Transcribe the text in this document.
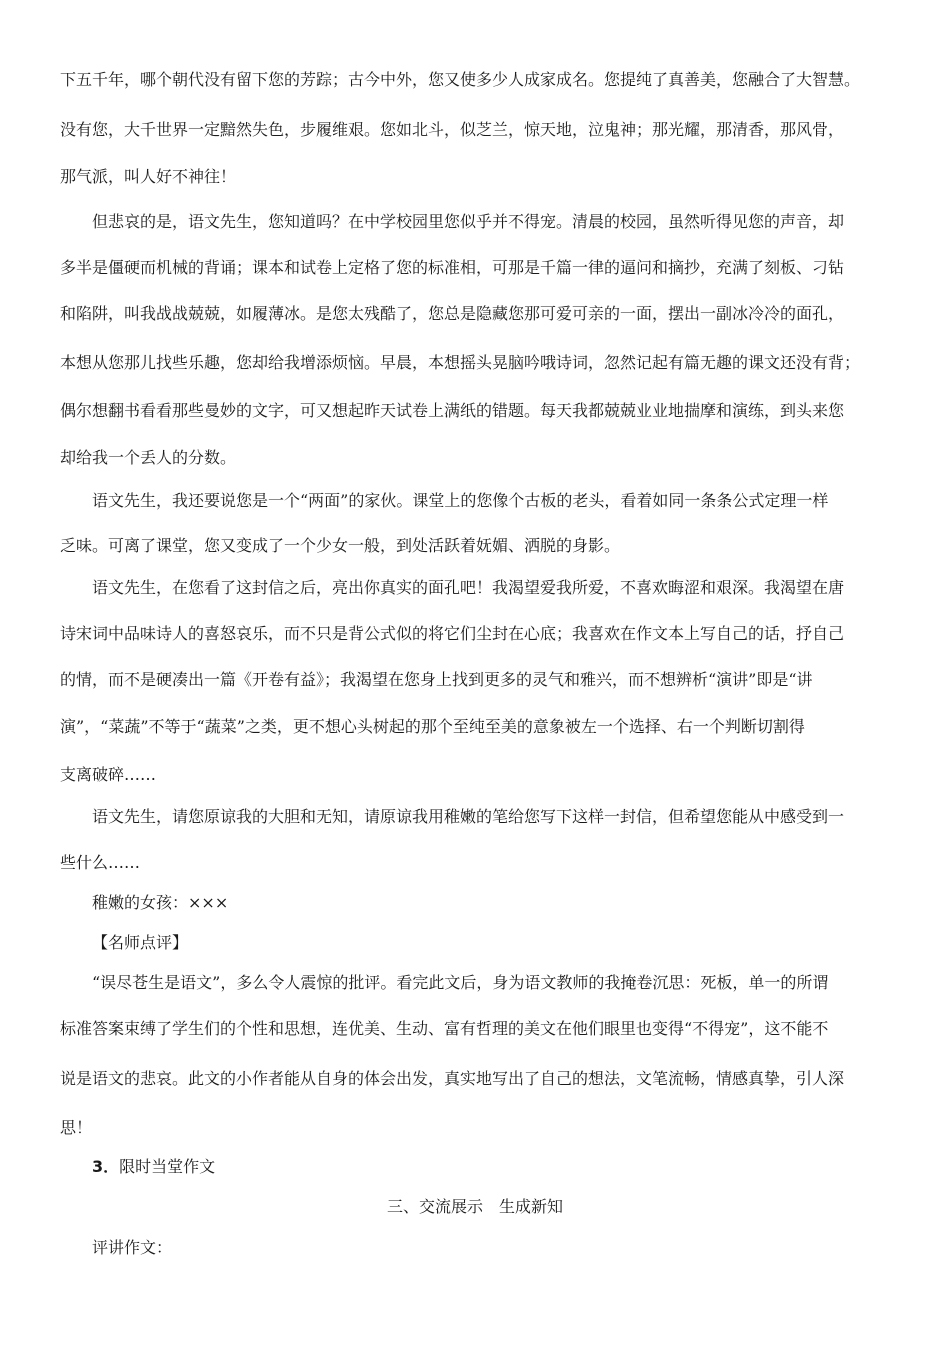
下五千年，哪个朝代没有留下您的芳踪；古今中外，您又使多少人成家成名。您提纯了真善美，您融合了大智慧。
没有您，大千世界一定黯然失色，步履维艰。您如北斗，似芝兰，惊天地，泣鬼神；那光耀，那清香，那风骨，
那气派，叫人好不神往！
但悲哀的是，语文先生，您知道吗？在中学校园里您似乎并不得宠。清晨的校园，虽然听得见您的声音，却
多半是僵硬而机械的背诵；课本和试卷上定格了您的标准相，可那是千篇一律的逼问和摘抄，充满了刻板、刁钻
和陷阱，叫我战战兢兢，如履薄冰。是您太残酷了，您总是隐藏您那可爱可亲的一面，摆出一副冰冷冷的面孔，
本想从您那儿找些乐趣，您却给我增添烦恼。早晨，本想摇头晃脑吟哦诗词，忽然记起有篇无趣的课文还没有背；
偶尔想翻书看看那些曼妙的文字，可又想起昨天试卷上满纸的错题。每天我都兢兢业业地揣摩和演练，到头来您
却给我一个丢人的分数。
语文先生，我还要说您是一个“两面”的家伙。课堂上的您像个古板的老头，看着如同一条条公式定理一样
乏味。可离了课堂，您又变成了一个少女一般，到处活跃着妩媚、洒脱的身影。
语文先生，在您看了这封信之后，亮出你真实的面孔吧！我渴望爱我所爱，不喜欢晦涩和艰深。我渴望在唐
诗宋词中品味诗人的喜怒哀乐，而不只是背公式似的将它们尘封在心底；我喜欢在作文本上写自己的话，抒自己
的情，而不是硬凑出一篇《开卷有益》；我渴望在您身上找到更多的灵气和雅兴，而不想辨析“演讲”即是“讲
演”，“菜蔬”不等于“蔬菜”之类，更不想心头树起的那个至纯至美的意象被左一个选择、右一个判断切割得
支离破碎……
语文先生，请您原谅我的大胆和无知，请原谅我用稚嫩的笔给您写下这样一封信，但希望您能从中感受到一
些什么……
稚嫩的女孩：×××
【名师点评】
“误尽苍生是语文”，多么令人震惊的批评。看完此文后，身为语文教师的我掩卷沉思：死板，单一的所谓
标准答案束缚了学生们的个性和思想，连优美、生动、富有哲理的美文在他们眼里也变得“不得宠”，这不能不
说是语文的悲哀。此文的小作者能从自身的体会出发，真实地写出了自己的想法，文笔流畅，情感真挚，引人深
思！
3．限时当堂作文
三、交流展示　生成新知
评讲作文：
